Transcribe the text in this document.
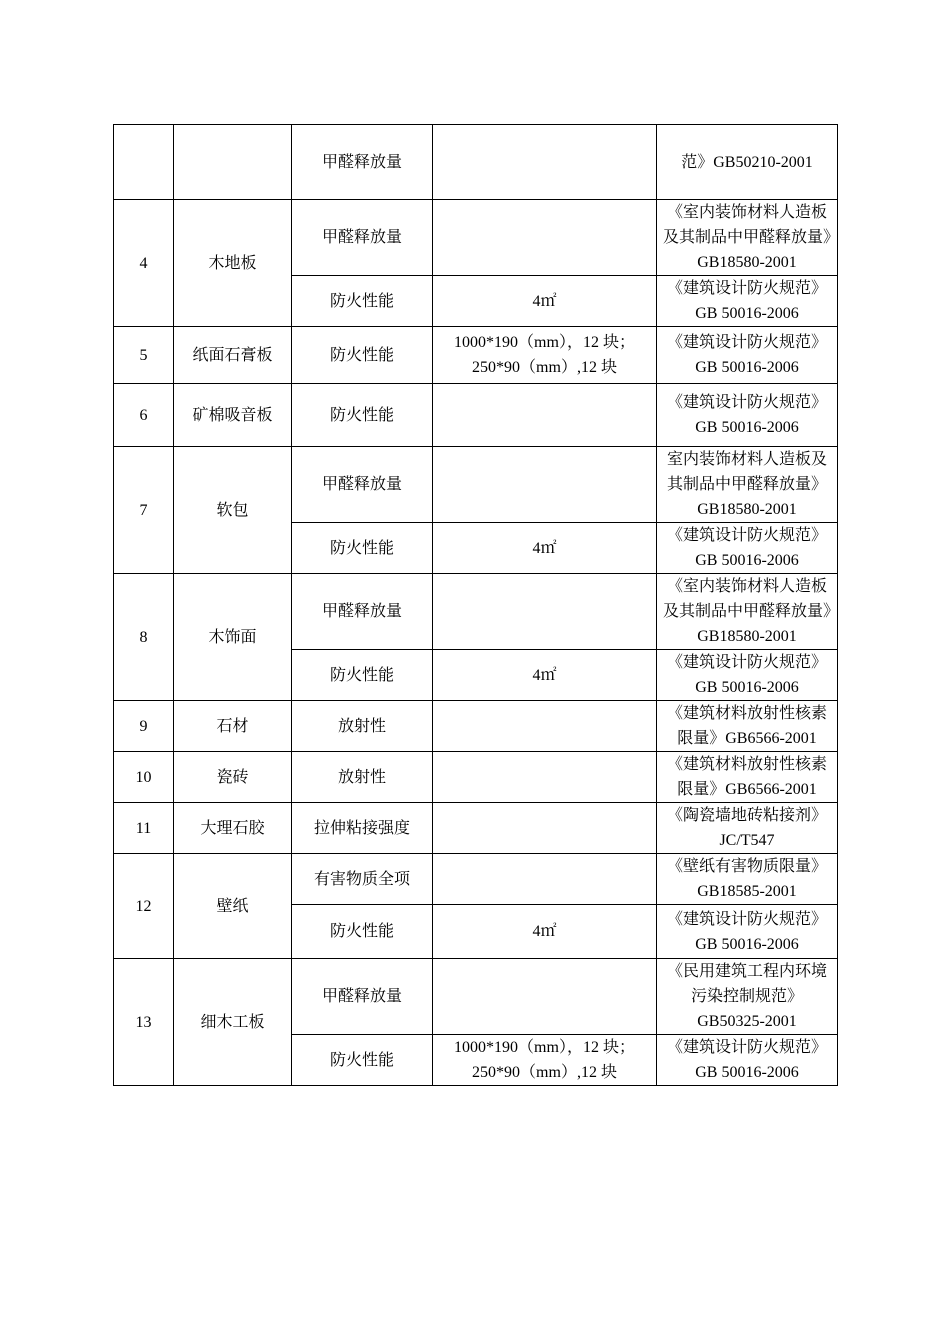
		甲醛释放量		范》GB50210-2001
4	木地板	甲醛释放量		《室内装饰材料人造板及其制品中甲醛释放量》GB18580-2001
		防火性能	4㎡	《建筑设计防火规范》GB 50016-2006
5	纸面石膏板	防火性能	1000*190（mm），12 块；
250*90（mm）,12 块	《建筑设计防火规范》GB 50016-2006
6	矿棉吸音板	防火性能		《建筑设计防火规范》GB 50016-2006
7	软包	甲醛释放量		室内装饰材料人造板及其制品中甲醛释放量》GB18580-2001
		防火性能	4㎡	《建筑设计防火规范》GB 50016-2006
8	木饰面	甲醛释放量		《室内装饰材料人造板及其制品中甲醛释放量》GB18580-2001
		防火性能	4㎡	《建筑设计防火规范》GB 50016-2006
9	石材	放射性		《建筑材料放射性核素限量》GB6566-2001
10	瓷砖	放射性		《建筑材料放射性核素限量》GB6566-2001
11	大理石胶	拉伸粘接强度		《陶瓷墙地砖粘接剂》JC/T547
12	壁纸	有害物质全项		《壁纸有害物质限量》GB18585-2001
		防火性能	4㎡	《建筑设计防火规范》GB 50016-2006
13	细木工板	甲醛释放量		《民用建筑工程内环境污染控制规范》GB50325-2001
		防火性能	1000*190（mm），12 块；
250*90（mm）,12 块	《建筑设计防火规范》GB 50016-2006
